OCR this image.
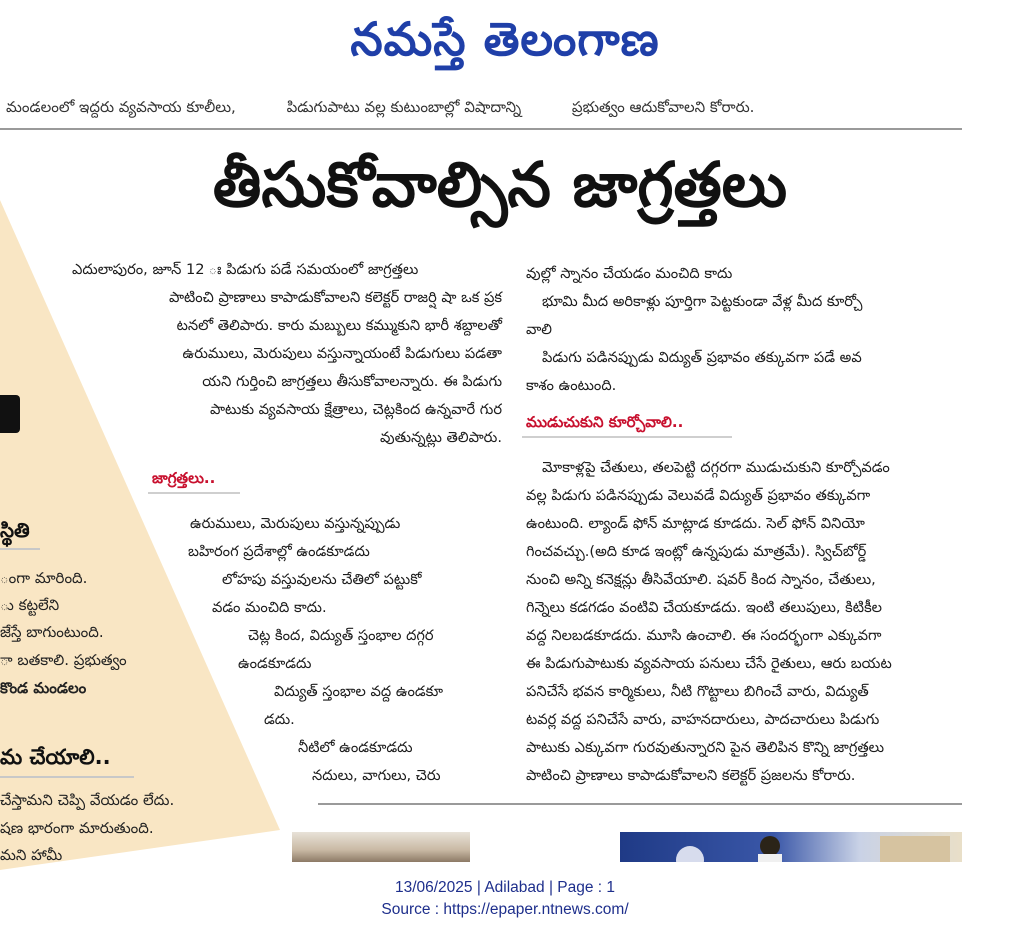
నమస్తే తెలంగాణ
మండలంలో ఇద్దరు వ్యవసాయ కూలీలు,	పిడుగుపాటు వల్ల కుటుంబాల్లో విషాదాన్ని	ప్రభుత్వం ఆదుకోవాలని కోరారు.
తీసుకోవాల్సిన జాగ్రత్తలు
స్థితి
ంగా మారింది.
ు కట్టలేని
జేస్తే బాగుంటుంది.
ా బతకాలి. ప్రభుత్వం
కొండ మండలం
మ చేయాలి..
చేస్తామని చెప్పి వేయడం లేదు.
షణ భారంగా మారుతుంది.
మని హామీ
ఎదులాపురం, జూన్ 12 ః పిడుగు పడే సమయంలో జాగ్రత్తలు
పాటించి ప్రాణాలు కాపాడుకోవాలని కలెక్టర్ రాజర్షి షా ఒక ప్రక
టనలో తెలిపారు. కారు మబ్బులు కమ్ముకుని భారీ శబ్దాలతో
ఉరుములు, మెరుపులు వస్తున్నాయంటే పిడుగులు పడతా
యని గుర్తించి జాగ్రత్తలు తీసుకోవాలన్నారు. ఈ పిడుగు
పాటుకు వ్యవసాయ క్షేత్రాలు, చెట్లకింద ఉన్నవారే గుర
వుతున్నట్లు తెలిపారు.
జాగ్రత్తలు..
ఉరుములు, మెరుపులు వస్తున్నప్పుడు
బహిరంగ ప్రదేశాల్లో ఉండకూడదు
లోహపు వస్తువులను చేతిలో పట్టుకో
వడం మంచిది కాదు.
చెట్ల కింద, విద్యుత్ స్తంభాల దగ్గర
ఉండకూడదు
విద్యుత్ స్తంభాల వద్ద ఉండకూ
డదు.
నీటిలో ఉండకూడదు
నదులు, వాగులు, చెరు
వుల్లో స్నానం చేయడం మంచిది కాదు
భూమి మీద అరికాళ్లు పూర్తిగా పెట్టకుండా వేళ్ల మీద కూర్చో
వాలి
పిడుగు పడినప్పుడు విద్యుత్ ప్రభావం తక్కువగా పడే అవ
కాశం ఉంటుంది.
ముడుచుకుని కూర్చోవాలి..
మోకాళ్లపై చేతులు, తలపెట్టి దగ్గరగా ముడుచుకుని కూర్చోవడం
వల్ల పిడుగు పడినప్పుడు వెలువడే విద్యుత్ ప్రభావం తక్కువగా
ఉంటుంది. ల్యాండ్ ఫోన్ మాట్లాడ కూడదు. సెల్ ఫోన్ వినియో
గించవచ్చు.(అది కూడ ఇంట్లో ఉన్నపుడు మాత్రమే). స్విచ్‌బోర్డ్
నుంచి అన్ని కనెక్షన్లు తీసివేయాలి. షవర్ కింద స్నానం, చేతులు,
గిన్నెలు కడగడం వంటివి చేయకూడదు. ఇంటి తలుపులు, కిటికీల
వద్ద నిలబడకూడదు. మూసి ఉంచాలి. ఈ సందర్భంగా ఎక్కువగా
ఈ పిడుగుపాటుకు వ్యవసాయ పనులు చేసే రైతులు, ఆరు బయట
పనిచేసే భవన కార్మికులు, నీటి గొట్టాలు బిగించే వారు, విద్యుత్
టవర్ల వద్ద పనిచేసే వారు, వాహనదారులు, పాదచారులు పిడుగు
పాటుకు ఎక్కువగా గురవుతున్నారని పైన తెలిపిన కొన్ని జాగ్రత్తలు
పాటించి ప్రాణాలు కాపాడుకోవాలని కలెక్టర్ ప్రజలను కోరారు.
13/06/2025 | Adilabad | Page : 1
Source : https://epaper.ntnews.com/
